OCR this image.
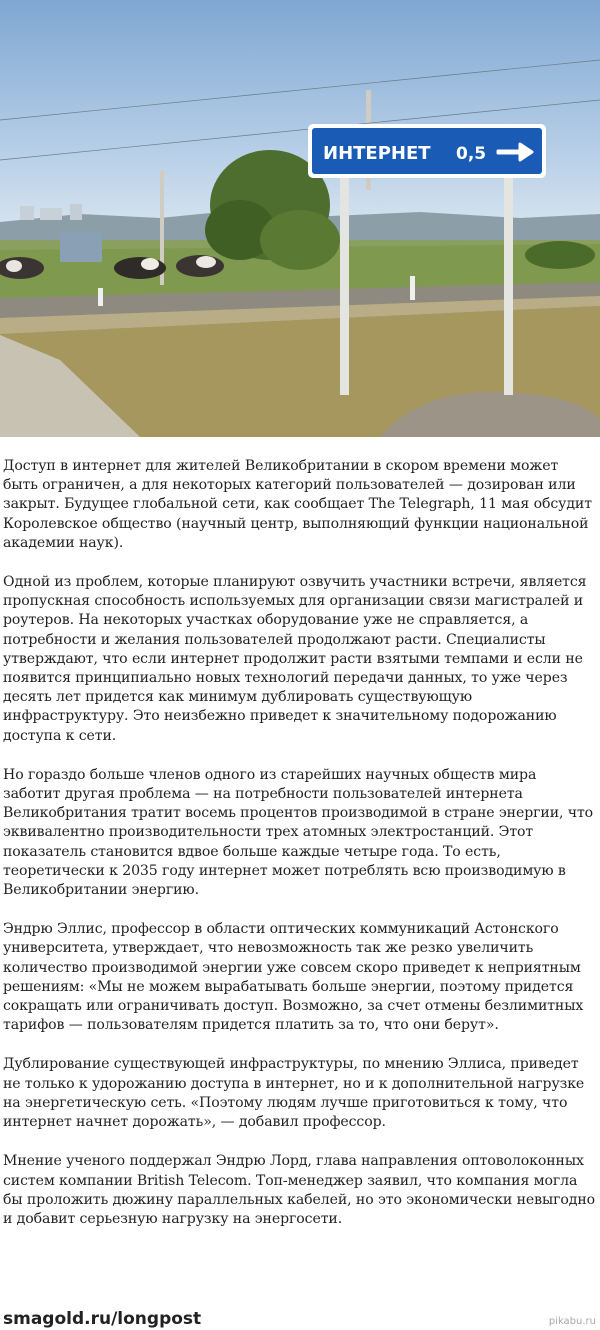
ИНТЕРНЕТ 0,5

Доступ в интернет для жителей Великобритании в скором времени может быть ограничен, а для некоторых категорий пользователей — дозирован или закрыт. Будущее глобальной сети, как сообщает The Telegraph, 11 мая обсудит Королевское общество (научный центр, выполняющий функции национальной академии наук).

Одной из проблем, которые планируют озвучить участники встречи, является пропускная способность используемых для организации связи магистралей и роутеров. На некоторых участках оборудование уже не справляется, а потребности и желания пользователей продолжают расти. Специалисты утверждают, что если интернет продолжит расти взятыми темпами и если не появится принципиально новых технологий передачи данных, то уже через десять лет придется как минимум дублировать существующую инфраструктуру. Это неизбежно приведет к значительному подорожанию доступа к сети.

Но гораздо больше членов одного из старейших научных обществ мира заботит другая проблема — на потребности пользователей интернета Великобритания тратит восемь процентов производимой в стране энергии, что эквивалентно производительности трех атомных электростанций. Этот показатель становится вдвое больше каждые четыре года. То есть, теоретически к 2035 году интернет может потреблять всю производимую в Великобритании энергию.

Эндрю Эллис, профессор в области оптических коммуникаций Астонского университета, утверждает, что невозможность так же резко увеличить количество производимой энергии уже совсем скоро приведет к неприятным решениям: «Мы не можем вырабатывать больше энергии, поэтому придется сокращать или ограничивать доступ. Возможно, за счет отмены безлимитных тарифов — пользователям придется платить за то, что они берут».

Дублирование существующей инфраструктуры, по мнению Эллиса, приведет не только к удорожанию доступа в интернет, но и к дополнительной нагрузке на энергетическую сеть. «Поэтому людям лучше приготовиться к тому, что интернет начнет дорожать», — добавил профессор.

Мнение ученого поддержал Эндрю Лорд, глава направления оптоволоконных систем компании British Telecom. Топ-менеджер заявил, что компания могла бы проложить дюжину параллельных кабелей, но это экономически невыгодно и добавит серьезную нагрузку на энергосети.

smagold.ru/longpost	pikabu.ru
